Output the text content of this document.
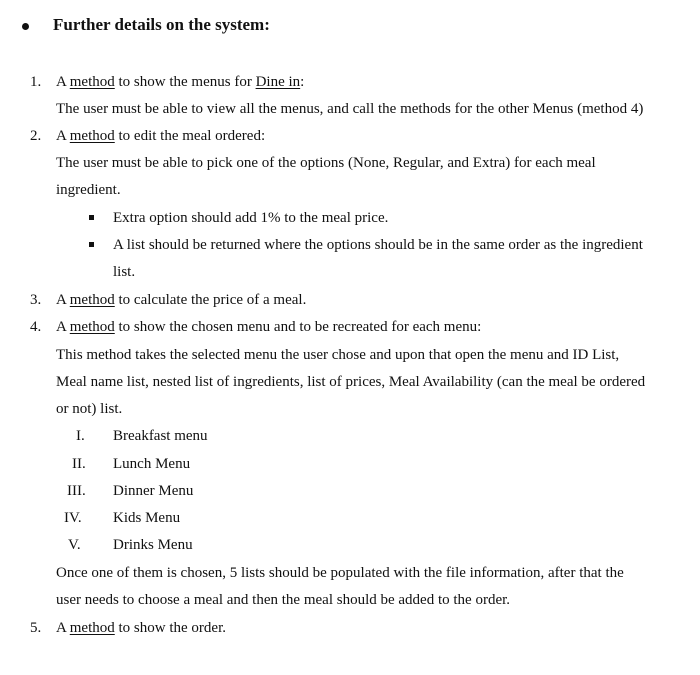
Further details on the system:
1. A method to show the menus for Dine in:
The user must be able to view all the menus, and call the methods for the other Menus (method 4)
2. A method to edit the meal ordered:
The user must be able to pick one of the options (None, Regular, and Extra) for each meal
ingredient.
Extra option should add 1% to the meal price.
A list should be returned where the options should be in the same order as the ingredient
list.
3. A method to calculate the price of a meal.
4. A method to show the chosen menu and to be recreated for each menu:
This method takes the selected menu the user chose and upon that open the menu and ID List,
Meal name list, nested list of ingredients, list of prices, Meal Availability (can the meal be ordered
or not) list.
I. Breakfast menu
II. Lunch Menu
III. Dinner Menu
IV. Kids Menu
V. Drinks Menu
Once one of them is chosen, 5 lists should be populated with the file information, after that the
user needs to choose a meal and then the meal should be added to the order.
5. A method to show the order.
